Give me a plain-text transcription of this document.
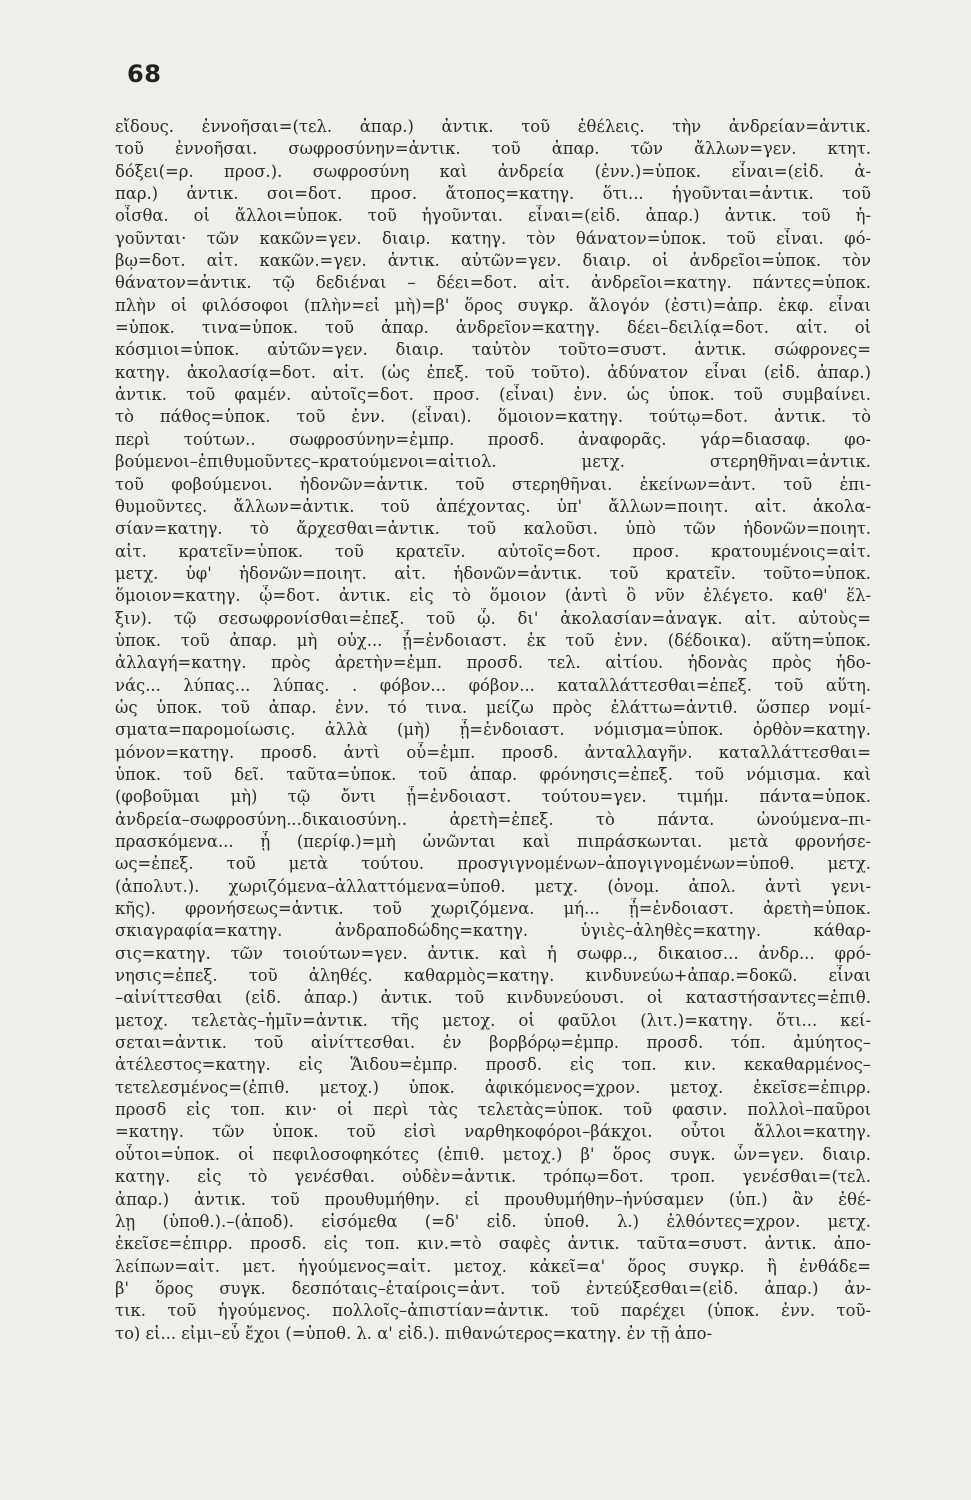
68
εἴδους. ἐννοῆσαι=(τελ. ἀπαρ.) ἀντικ. τοῦ ἐθέλεις. τὴν ἀνδρείαν=ἀντικ.
τοῦ ἐννοῆσαι. σωφροσύνην=ἀντικ. τοῦ ἀπαρ. τῶν ἄλλων=γεν. κτητ.
δόξει(=ρ. προσ.). σωφροσύνη καὶ ἀνδρεία (ἐνν.)=ὑποκ. εἶναι=(εἰδ. ἀ-
παρ.) ἀντικ. σοι=δοτ. προσ. ἄτοπος=κατηγ. ὅτι... ἡγοῦνται=ἀντικ. τοῦ
οἶσθα. οἱ ἄλλοι=ὑποκ. τοῦ ἡγοῦνται. εἶναι=(εἰδ. ἀπαρ.) ἀντικ. τοῦ ἡ-
γοῦνται· τῶν κακῶν=γεν. διαιρ. κατηγ. τὸν θάνατον=ὑποκ. τοῦ εἶναι. φό-
βῳ=δοτ. αἰτ. κακῶν.=γεν. ἀντικ. αὐτῶν=γεν. διαιρ. οἱ ἀνδρεῖοι=ὑποκ. τὸν
θάνατον=ἀντικ. τῷ δεδιέναι – δέει=δοτ. αἰτ. ἀνδρεῖοι=κατηγ. πάντες=ὑποκ.
πλὴν οἱ φιλόσοφοι (πλὴν=εἰ μὴ)=β' ὅρος συγκρ. ἄλογόν (ἐστι)=ἀπρ. ἐκφ. εἶναι
=ὑποκ. τινα=ὑποκ. τοῦ ἀπαρ. ἀνδρεῖον=κατηγ. δέει–δειλίᾳ=δοτ. αἰτ. οἱ
κόσμιοι=ὑποκ. αὐτῶν=γεν. διαιρ. ταὐτὸν τοῦτο=συστ. ἀντικ. σώφρονες=
κατηγ. ἀκολασίᾳ=δοτ. αἰτ. (ὡς ἐπεξ. τοῦ τοῦτο). ἀδύνατον εἶναι (εἰδ. ἀπαρ.)
ἀντικ. τοῦ φαμέν. αὐτοῖς=δοτ. προσ. (εἶναι) ἐνν. ὡς ὑποκ. τοῦ συμβαίνει.
τὸ πάθος=ὑποκ. τοῦ ἐνν. (εἶναι). ὅμοιον=κατηγ. τούτῳ=δοτ. ἀντικ. τὸ
περὶ τούτων.. σωφροσύνην=ἐμπρ. προσδ. ἀναφορᾶς. γάρ=διασαφ. φο-
βούμενοι–ἐπιθυμοῦντες–κρατούμενοι=αἰτιολ. μετχ. στερηθῆναι=ἀντικ.
τοῦ φοβούμενοι. ἡδονῶν=ἀντικ. τοῦ στερηθῆναι. ἐκείνων=ἀντ. τοῦ ἐπι-
θυμοῦντες. ἄλλων=ἀντικ. τοῦ ἀπέχοντας. ὑπ' ἄλλων=ποιητ. αἰτ. ἀκολα-
σίαν=κατηγ. τὸ ἄρχεσθαι=ἀντικ. τοῦ καλοῦσι. ὑπὸ τῶν ἡδονῶν=ποιητ.
αἰτ. κρατεῖν=ὑποκ. τοῦ κρατεῖν. αὐτοῖς=δοτ. προσ. κρατουμένοις=αἰτ.
μετχ. ὑφ' ἡδονῶν=ποιητ. αἰτ. ἡδονῶν=ἀντικ. τοῦ κρατεῖν. τοῦτο=ὑποκ.
ὅμοιον=κατηγ. ᾧ=δοτ. ἀντικ. εἰς τὸ ὅμοιον (ἀντὶ ὃ νῦν ἐλέγετο. καθ' ἕλ-
ξιν). τῷ σεσωφρονίσθαι=ἐπεξ. τοῦ ᾧ. δι' ἀκολασίαν=ἀναγκ. αἰτ. αὐτοὺς=
ὑποκ. τοῦ ἀπαρ. μὴ οὐχ... ᾖ=ἐνδοιαστ. ἐκ τοῦ ἐνν. (δέδοικα). αὕτη=ὑποκ.
ἀλλαγή=κατηγ. πρὸς ἀρετὴν=ἐμπ. προσδ. τελ. αἰτίου. ἡδονὰς πρὸς ἡδο-
νάς... λύπας... λύπας. . φόβον... φόβον... καταλλάττεσθαι=ἐπεξ. τοῦ αὕτη.
ὡς ὑποκ. τοῦ ἀπαρ. ἐνν. τό τινα. μείζω πρὸς ἐλάττω=ἀντιθ. ὥσπερ νομί-
σματα=παρομοίωσις. ἀλλὰ (μὴ) ᾖ=ἐνδοιαστ. νόμισμα=ὑποκ. ὀρθὸν=κατηγ.
μόνον=κατηγ. προσδ. ἀντὶ οὗ=ἐμπ. προσδ. ἀνταλλαγῆν. καταλλάττεσθαι=
ὑποκ. τοῦ δεῖ. ταῦτα=ὑποκ. τοῦ ἀπαρ. φρόνησις=ἐπεξ. τοῦ νόμισμα. καὶ
(φοβοῦμαι μὴ) τῷ ὄντι ᾖ=ἐνδοιαστ. τούτου=γεν. τιμήμ. πάντα=ὑποκ.
ἀνδρεία–σωφροσύνη...δικαιοσύνη.. ἀρετὴ=ἐπεξ. τὸ πάντα. ὠνούμενα–πι-
πρασκόμενα... ᾖ (περίφ.)=μὴ ὠνῶνται καὶ πιπράσκωνται. μετὰ φρονήσε-
ως=ἐπεξ. τοῦ μετὰ τούτου. προσγιγνομένων–ἀπογιγνομένων=ὑποθ. μετχ.
(ἀπολυτ.). χωριζόμενα–ἀλλαττόμενα=ὑποθ. μετχ. (ὀνομ. ἀπολ. ἀντὶ γενι-
κῆς). φρονήσεως=ἀντικ. τοῦ χωριζόμενα. μή... ᾖ=ἐνδοιαστ. ἀρετὴ=ὑποκ.
σκιαγραφία=κατηγ. ἀνδραποδώδης=κατηγ. ὑγιὲς–ἀληθὲς=κατηγ. κάθαρ-
σις=κατηγ. τῶν τοιούτων=γεν. ἀντικ. καὶ ἡ σωφρ.., δικαιοσ... ἀνδρ... φρό-
νησις=ἐπεξ. τοῦ ἀληθές. καθαρμὸς=κατηγ. κινδυνεύω+ἀπαρ.=δοκῶ. εἶναι
–αἰνίττεσθαι (εἰδ. ἀπαρ.) ἀντικ. τοῦ κινδυνεύουσι. οἱ καταστήσαντες=ἐπιθ.
μετοχ. τελετὰς–ἡμῖν=ἀντικ. τῆς μετοχ. οἱ φαῦλοι (λιτ.)=κατηγ. ὅτι... κεί-
σεται=ἀντικ. τοῦ αἰνίττεσθαι. ἐν βορβόρῳ=ἐμπρ. προσδ. τόπ. ἀμύητος–
ἀτέλεστος=κατηγ. εἰς Ἅιδου=ἐμπρ. προσδ. εἰς τοπ. κιν. κεκαθαρμένος–
τετελεσμένος=(ἐπιθ. μετοχ.) ὑποκ. ἀφικόμενος=χρον. μετοχ. ἐκεῖσε=ἐπιρρ.
προσδ εἰς τοπ. κιν· οἱ περὶ τὰς τελετὰς=ὑποκ. τοῦ φασιν. πολλοὶ–παῦροι
=κατηγ. τῶν ὑποκ. τοῦ εἰσὶ ναρθηκοφόροι–βάκχοι. οὗτοι ἄλλοι=κατηγ.
οὗτοι=ὑποκ. οἱ πεφιλοσοφηκότες (ἐπιθ. μετοχ.) β' ὅρος συγκ. ὧν=γεν. διαιρ.
κατηγ. εἰς τὸ γενέσθαι. οὐδὲν=ἀντικ. τρόπῳ=δοτ. τροπ. γενέσθαι=(τελ.
ἀπαρ.) ἀντικ. τοῦ προυθυμήθην. εἰ προυθυμήθην–ἠνύσαμεν (ὑπ.) ἂν ἐθέ-
λῃ (ὑποθ.).–(ἀποδ). εἰσόμεθα (=δ' εἰδ. ὑποθ. λ.) ἐλθόντες=χρον. μετχ.
ἐκεῖσε=ἐπιρρ. προσδ. εἰς τοπ. κιν.=τὸ σαφὲς ἀντικ. ταῦτα=συστ. ἀντικ. ἀπο-
λείπων=αἰτ. μετ. ἡγούμενος=αἰτ. μετοχ. κἀκεῖ=α' ὅρος συγκρ. ἢ ἐνθάδε=
β' ὅρος συγκ. δεσπόταις–ἑταίροις=ἀντ. τοῦ ἐντεύξεσθαι=(εἰδ. ἀπαρ.) ἀν-
τικ. τοῦ ἡγούμενος. πολλοῖς–ἀπιστίαν=ἀντικ. τοῦ παρέχει (ὑποκ. ἐνν. τοῦ-
το) εἰ... εἰμι–εὖ ἔχοι (=ὑποθ. λ. α' εἰδ.). πιθανώτερος=κατηγ. ἐν τῇ ἀπο-
